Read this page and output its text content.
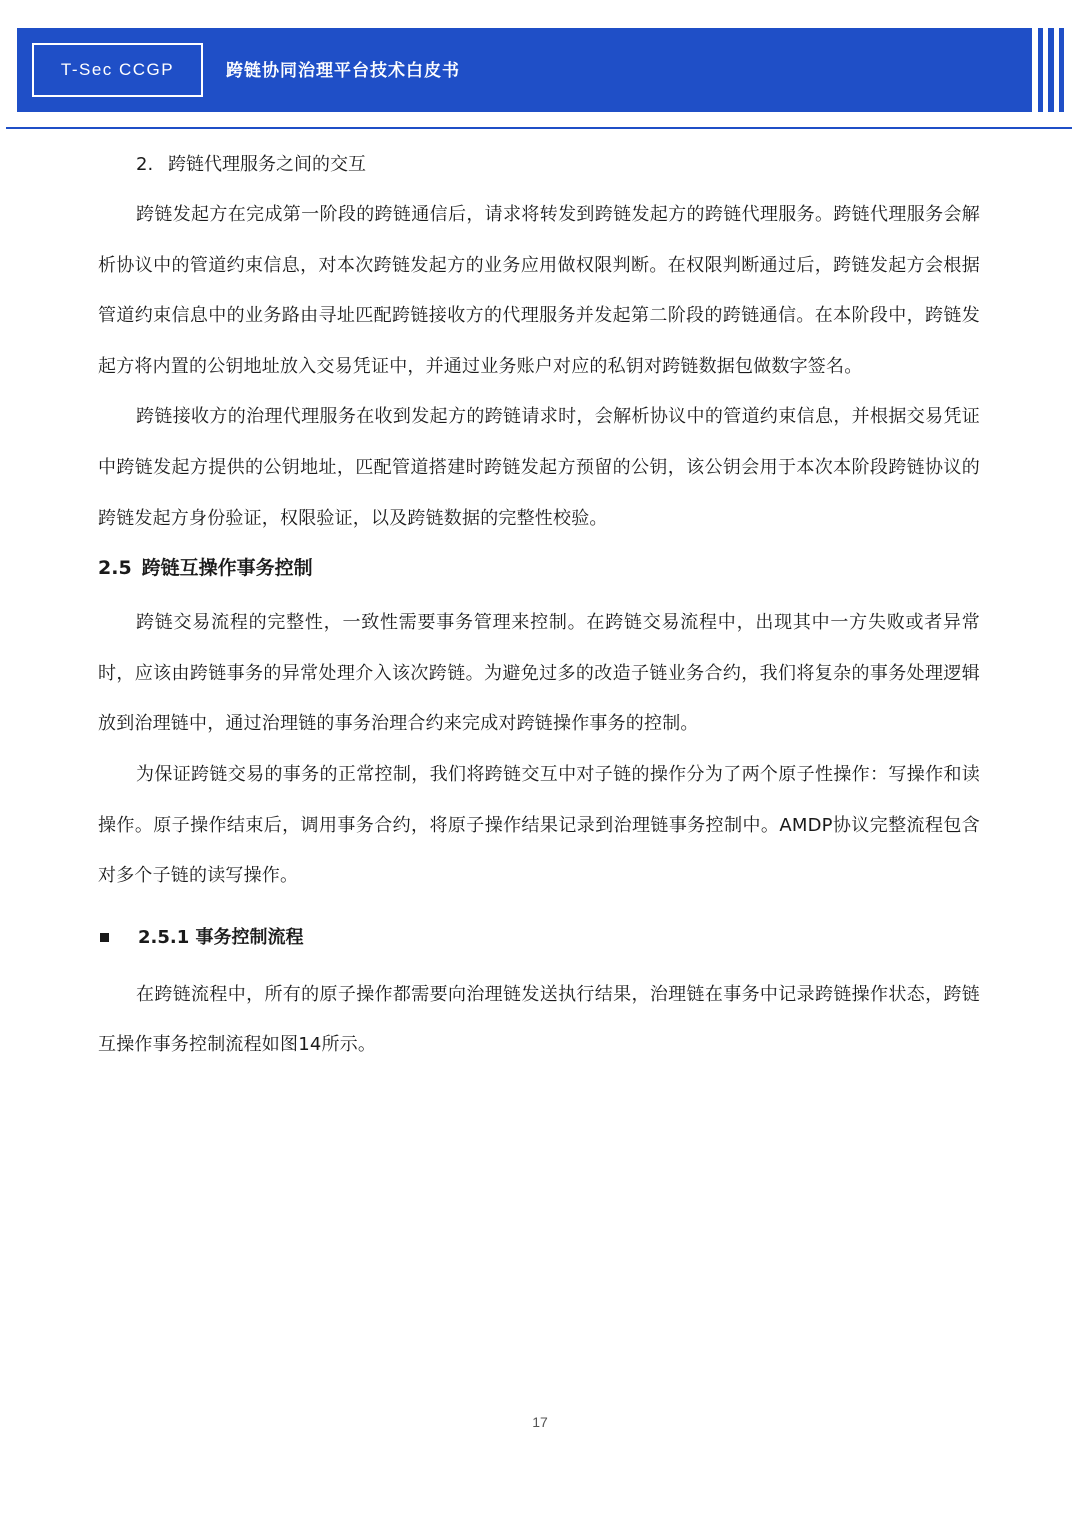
T-Sec CCGP	跨链协同治理平台技术白皮书

2. 跨链代理服务之间的交互

跨链发起方在完成第一阶段的跨链通信后，请求将转发到跨链发起方的跨链代理服务。跨链代理服务会解析协议中的管道约束信息，对本次跨链发起方的业务应用做权限判断。在权限判断通过后，跨链发起方会根据管道约束信息中的业务路由寻址匹配跨链接收方的代理服务并发起第二阶段的跨链通信。在本阶段中，跨链发起方将内置的公钥地址放入交易凭证中，并通过业务账户对应的私钥对跨链数据包做数字签名。

跨链接收方的治理代理服务在收到发起方的跨链请求时，会解析协议中的管道约束信息，并根据交易凭证中跨链发起方提供的公钥地址，匹配管道搭建时跨链发起方预留的公钥，该公钥会用于本次本阶段跨链协议的跨链发起方身份验证，权限验证，以及跨链数据的完整性校验。

2.5 跨链互操作事务控制

跨链交易流程的完整性，一致性需要事务管理来控制。在跨链交易流程中，出现其中一方失败或者异常时，应该由跨链事务的异常处理介入该次跨链。为避免过多的改造子链业务合约，我们将复杂的事务处理逻辑放到治理链中，通过治理链的事务治理合约来完成对跨链操作事务的控制。

为保证跨链交易的事务的正常控制，我们将跨链交互中对子链的操作分为了两个原子性操作：写操作和读操作。原子操作结束后，调用事务合约，将原子操作结果记录到治理链事务控制中。AMDP协议完整流程包含对多个子链的读写操作。

2.5.1 事务控制流程

在跨链流程中，所有的原子操作都需要向治理链发送执行结果，治理链在事务中记录跨链操作状态，跨链互操作事务控制流程如图14所示。

17
